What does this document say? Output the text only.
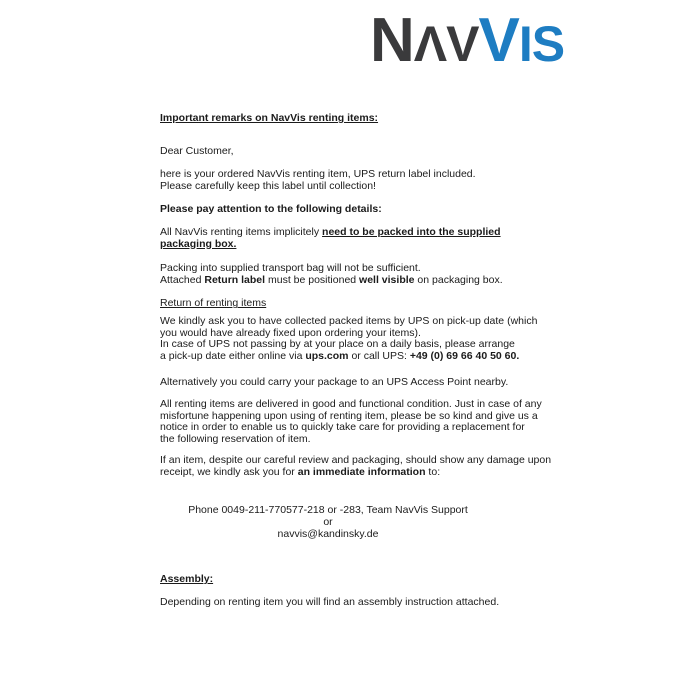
NΛVVIS
Important remarks on NavVis renting items:
Dear Customer,
here is your ordered NavVis renting item, UPS return label included.
Please carefully keep this label until collection!
Please pay attention to the following details:
All NavVis renting items implicitely need to be packed into the supplied
packaging box.
Packing into supplied transport bag will not be sufficient.
Attached Return label must be positioned well visible on packaging box.
Return of renting items
We kindly ask you to have collected packed items by UPS on pick-up date (which
you would have already fixed upon ordering your items).
In case of UPS not passing by at your place on a daily basis, please arrange
a pick-up date either online via ups.com or call UPS: +49 (0) 69 66 40 50 60.
Alternatively you could carry your package to an UPS Access Point nearby.
All renting items are delivered in good and functional condition. Just in case of any
misfortune happening upon using of renting item, please be so kind and give us a
notice in order to enable us to quickly take care for providing a replacement for
the following reservation of item.
If an item, despite our careful review and packaging, should show any damage upon
receipt, we kindly ask you for an immediate information to:
Phone 0049-211-770577-218 or -283, Team NavVis Support
or
navvis@kandinsky.de
Assembly:
Depending on renting item you will find an assembly instruction attached.
